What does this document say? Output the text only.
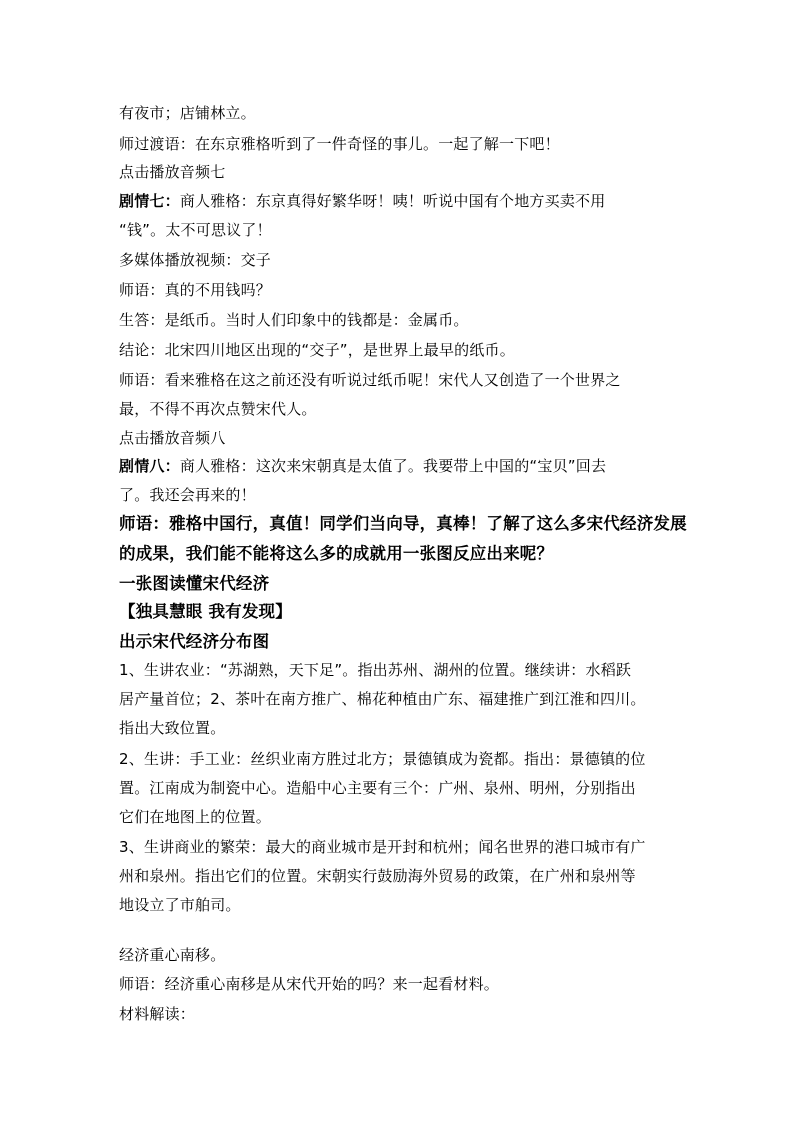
有夜市；店铺林立。
师过渡语：在东京雅格听到了一件奇怪的事儿。一起了解一下吧！
点击播放音频七
剧情七：商人雅格：东京真得好繁华呀！咦！听说中国有个地方买卖不用
“钱”。太不可思议了！
多媒体播放视频：交子
师语：真的不用钱吗？
生答：是纸币。当时人们印象中的钱都是：金属币。
结论：北宋四川地区出现的“交子”，是世界上最早的纸币。
师语：看来雅格在这之前还没有听说过纸币呢！宋代人又创造了一个世界之
最，不得不再次点赞宋代人。
点击播放音频八
剧情八：商人雅格：这次来宋朝真是太值了。我要带上中国的“宝贝”回去
了。我还会再来的！
师语：雅格中国行，真值！同学们当向导，真棒！了解了这么多宋代经济发展
的成果，我们能不能将这么多的成就用一张图反应出来呢？
一张图读懂宋代经济
【独具慧眼 我有发现】
出示宋代经济分布图
1、生讲农业：“苏湖熟，天下足”。指出苏州、湖州的位置。继续讲：水稻跃
居产量首位；2、茶叶在南方推广、棉花种植由广东、福建推广到江淮和四川。
指出大致位置。
2、生讲：手工业：丝织业南方胜过北方；景德镇成为瓷都。指出：景德镇的位
置。江南成为制瓷中心。造船中心主要有三个：广州、泉州、明州，分别指出
它们在地图上的位置。
3、生讲商业的繁荣：最大的商业城市是开封和杭州；闻名世界的港口城市有广
州和泉州。指出它们的位置。宋朝实行鼓励海外贸易的政策，在广州和泉州等
地设立了市舶司。
经济重心南移。
师语：经济重心南移是从宋代开始的吗？来一起看材料。
材料解读：
